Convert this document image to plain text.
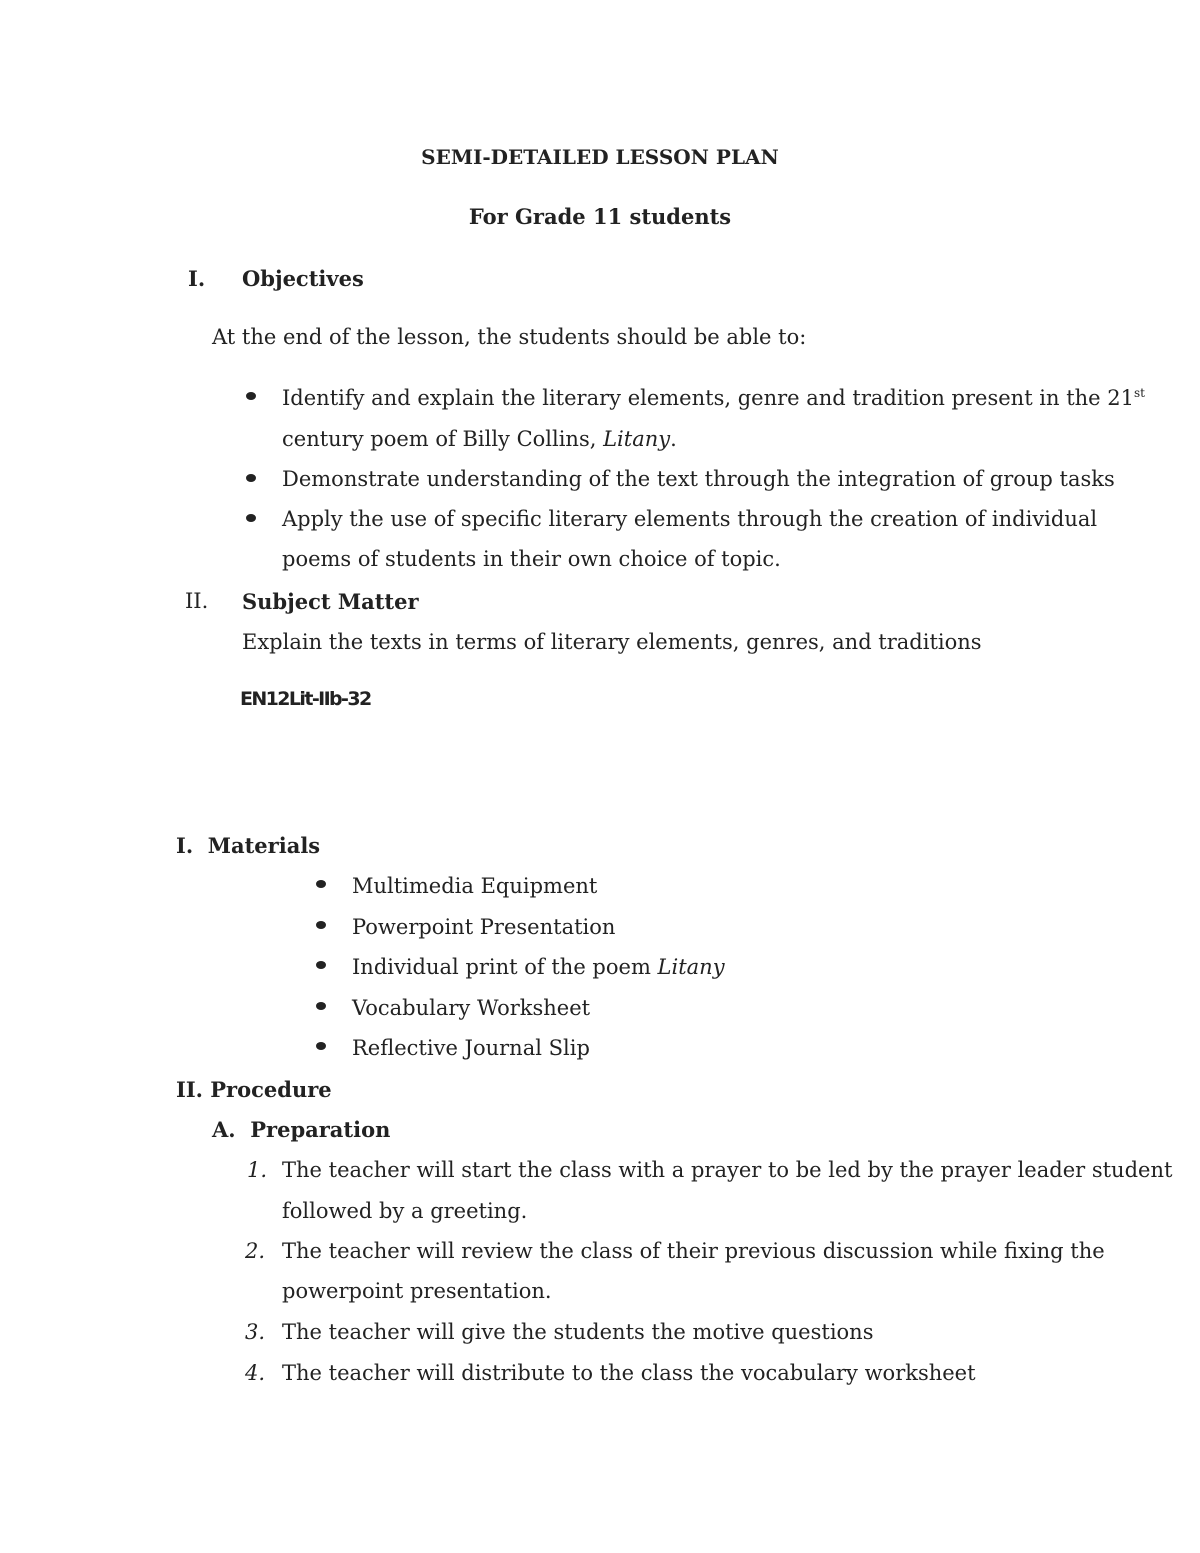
SEMI-DETAILED LESSON PLAN
For Grade 11 students
I. Objectives
At the end of the lesson, the students should be able to:
Identify and explain the literary elements, genre and tradition present in the 21st
century poem of Billy Collins, Litany.
Demonstrate understanding of the text through the integration of group tasks
Apply the use of specific literary elements through the creation of individual
poems of students in their own choice of topic.
II. Subject Matter
Explain the texts in terms of literary elements, genres, and traditions
EN12Lit-IIb-32
I.  Materials
Multimedia Equipment
Powerpoint Presentation
Individual print of the poem Litany
Vocabulary Worksheet
Reflective Journal Slip
II. Procedure
A.  Preparation
1. The teacher will start the class with a prayer to be led by the prayer leader student
followed by a greeting.
2. The teacher will review the class of their previous discussion while fixing the
powerpoint presentation.
3. The teacher will give the students the motive questions
4. The teacher will distribute to the class the vocabulary worksheet
